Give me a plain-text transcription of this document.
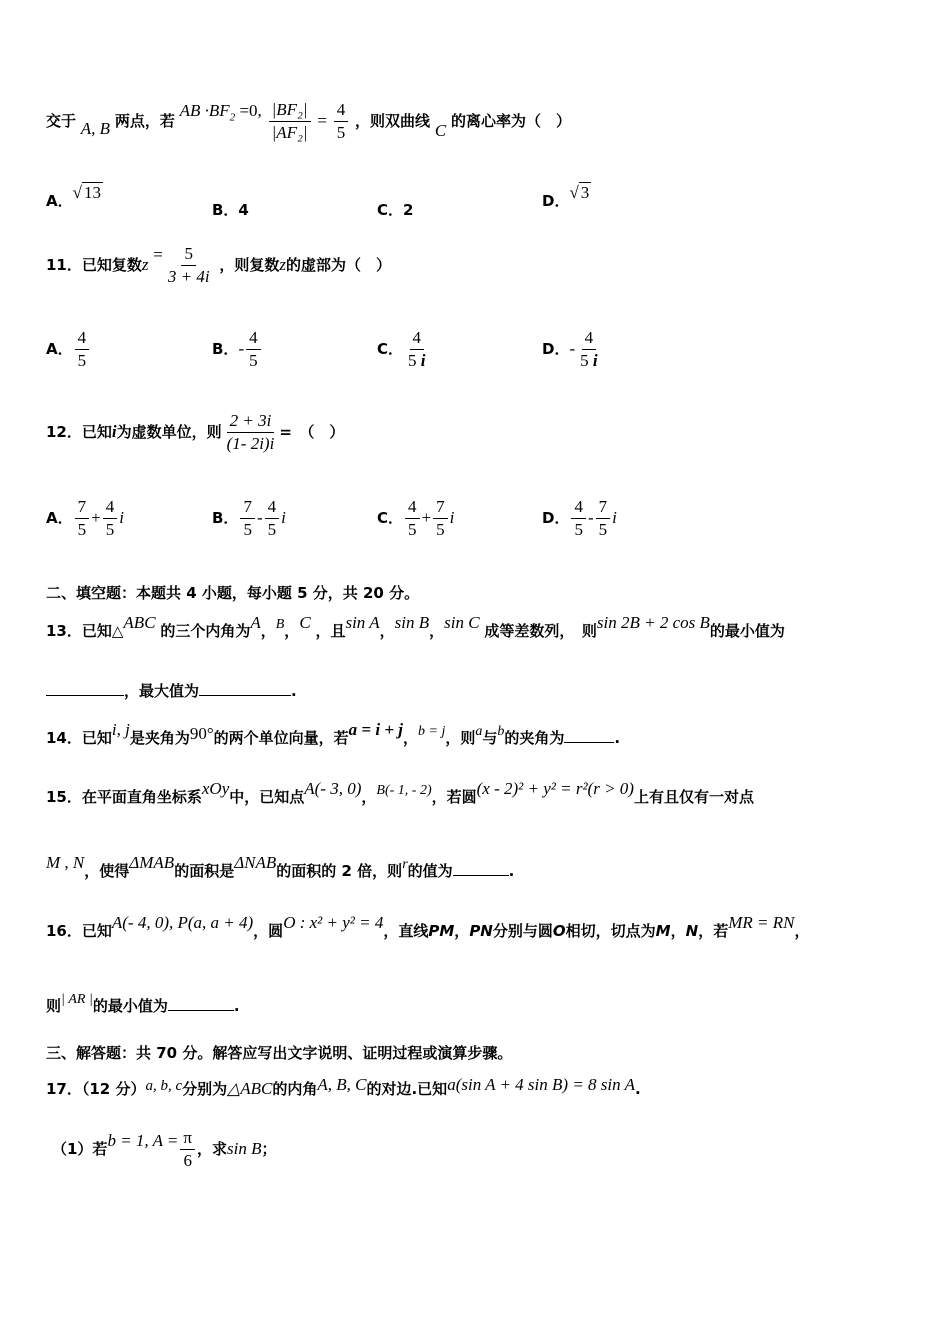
交于 A, B 两点，若 AB $\cdot BF_2 =0$, $\frac{\text{|BF₂|}}{\text{|AF₂|}} = \frac{4}{5}$ ，则双曲线 C 的离心率为（　）
A．√ 13
B．4	C．2	D．√ 3
11．已知复数$z = \frac{5}{3 + 4i}$ ，则复数z的虚部为（　）
A． $\frac{4}{5}$	B．- $\frac{4}{5}$	C． $\frac{4}{5 i}$	D．- $\frac{4}{5 i}$
12．已知i为虚数单位，则 $\frac{2 + 3i}{(1- 2i)i}$ =　（　）
A． $\frac{7}{5} + \frac{4}{5}$ i	B． $\frac{7}{5} - \frac{4}{5}$ i	C． $\frac{4}{5} + \frac{7}{5}$ i	D． $\frac{4}{5} - \frac{7}{5}$ i
二、填空题：本题共 4 小题，每小题 5 分，共 20 分。
13．已知△ABC 的三个内角为A，B，C ，且sin A，sin B，sin C 成等差数列，　则sin 2B + 2 cos B的最小值为
，最大值为	.
14．已知i, j是夹角为90°的两个单位向量，若a = i + j，b = j，则a与b的夹角为	.
15．在平面直角坐标系xOy中，已知点A(- 3, 0)，B(- 1, - 2)，若圆(x - 2)² + y² = r²(r > 0)上有且仅有一对点
M , N，使得ΔMAB的面积是ΔNAB的面积的 2 倍，则r的值为	.
16．已知A(- 4, 0), P(a, a + 4)，圆O : x² + y² = 4，直线PM，PN分别与圆O相切，切点为M，N，若MR = RN，
则| AR |的最小值为	.
三、解答题：共 70 分。解答应写出文字说明、证明过程或演算步骤。
17．（12 分）a, b, c分别为△ABC的内角A, B, C的对边.已知a(sin A + 4 sin B) = 8 sin A.
（1）若b = 1, $A = \frac{\pi}{6}$ ，求sin B；
